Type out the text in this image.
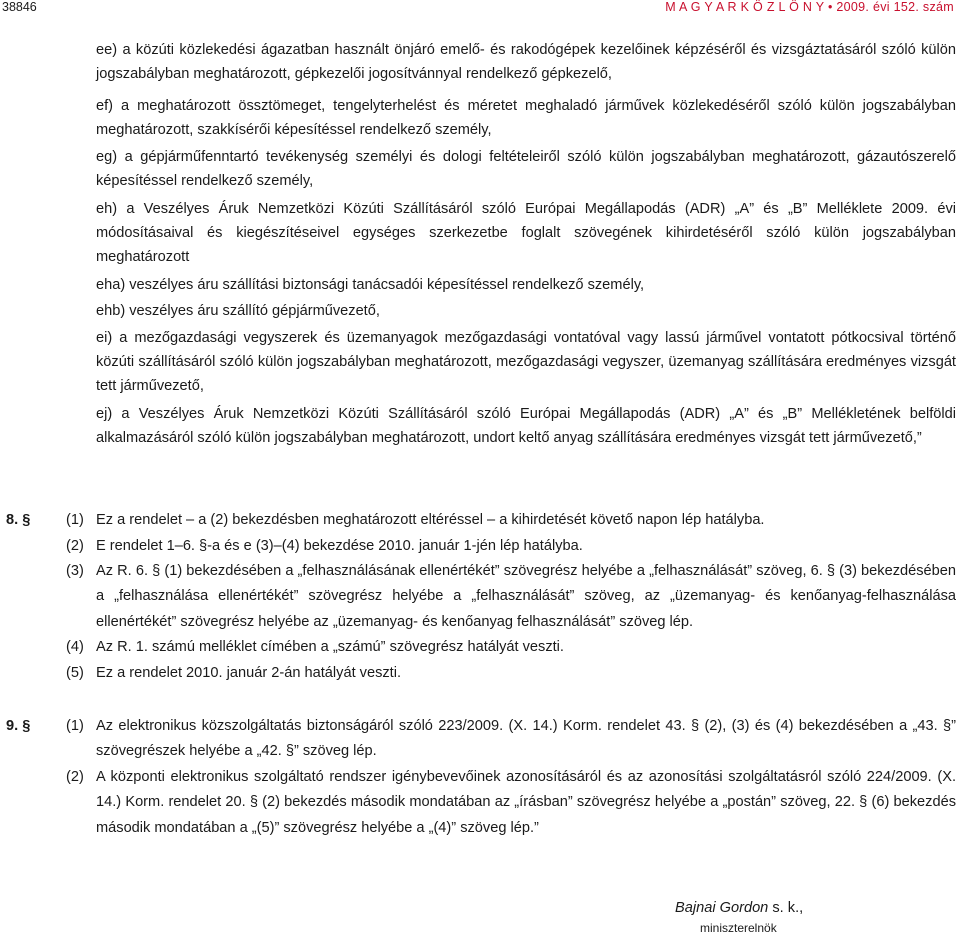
38846	M A G Y A R K Ö Z L Ö N Y • 2009. évi 152. szám
ee) a közúti közlekedési ágazatban használt önjáró emelő- és rakodógépek kezelőinek képzéséről és vizsgáztatásáról szóló külön jogszabályban meghatározott, gépkezelői jogosítvánnyal rendelkező gépkezelő,
ef) a meghatározott össztömeget, tengelyterhelést és méretet meghaladó járművek közlekedéséről szóló külön jogszabályban meghatározott, szakkísérői képesítéssel rendelkező személy,
eg) a gépjárműfenntartó tevékenység személyi és dologi feltételeiről szóló külön jogszabályban meghatározott, gázautószerelő képesítéssel rendelkező személy,
eh) a Veszélyes Áruk Nemzetközi Közúti Szállításáról szóló Európai Megállapodás (ADR) „A” és „B” Melléklete 2009. évi módosításaival és kiegészítéseivel egységes szerkezetbe foglalt szövegének kihirdetéséről szóló külön jogszabályban meghatározott
eha) veszélyes áru szállítási biztonsági tanácsadói képesítéssel rendelkező személy,
ehb) veszélyes áru szállító gépjárművezető,
ei) a mezőgazdasági vegyszerek és üzemanyagok mezőgazdasági vontatóval vagy lassú járművel vontatott pótkocsival történő közúti szállításáról szóló külön jogszabályban meghatározott, mezőgazdasági vegyszer, üzemanyag szállítására eredményes vizsgát tett járművezető,
ej) a Veszélyes Áruk Nemzetközi Közúti Szállításáról szóló Európai Megállapodás (ADR) „A” és „B” Mellékletének belföldi alkalmazásáról szóló külön jogszabályban meghatározott, undort keltő anyag szállítására eredményes vizsgát tett járművezető,”
8. § (1) Ez a rendelet – a (2) bekezdésben meghatározott eltéréssel – a kihirdetését követő napon lép hatályba.
(2) E rendelet 1–6. §-a és e (3)–(4) bekezdése 2010. január 1-jén lép hatályba.
(3) Az R. 6. § (1) bekezdésében a „felhasználásának ellenértékét” szövegrész helyébe a „felhasználását” szöveg, 6. § (3) bekezdésében a „felhasználása ellenértékét” szövegrész helyébe a „felhasználását” szöveg, az „üzemanyag- és kenőanyag-felhasználása ellenértékét” szövegrész helyébe az „üzemanyag- és kenőanyag felhasználását” szöveg lép.
(4) Az R. 1. számú melléklet címében a „számú” szövegrész hatályát veszti.
(5) Ez a rendelet 2010. január 2-án hatályát veszti.
9. § (1) Az elektronikus közszolgáltatás biztonságáról szóló 223/2009. (X. 14.) Korm. rendelet 43. § (2), (3) és (4) bekezdésében a „43. §” szövegrészek helyébe a „42. §” szöveg lép.
(2) A központi elektronikus szolgáltató rendszer igénybevevőinek azonosításáról és az azonosítási szolgáltatásról szóló 224/2009. (X. 14.) Korm. rendelet 20. § (2) bekezdés második mondatában az „írásban” szövegrész helyébe a „postán” szöveg, 22. § (6) bekezdés második mondatában a „(5)” szövegrész helyébe a „(4)” szöveg lép.”
Bajnai Gordon s. k.,
miniszterelnök
